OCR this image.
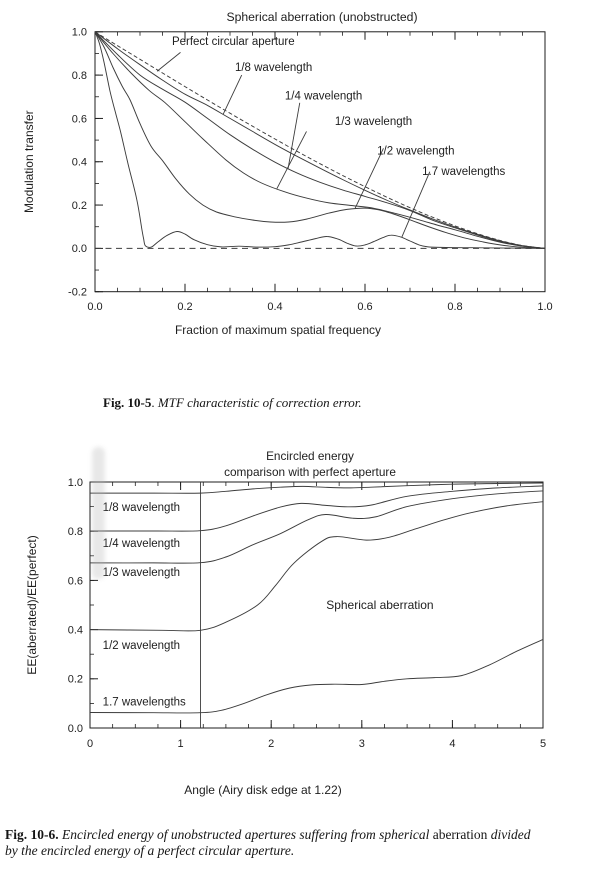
0.0	0.2	0.4	0.6	0.8	1.0
-0.2
0.0
0.2
0.4
0.6
0.8
1.0
Perfect circular aperture
1/8 wavelength
1/4 wavelength
1/3 wavelength
1/2 wavelength
1.7 wavelengths
Spherical aberration (unobstructed)
Fraction of maximum spatial frequency
Modulation transfer
Fig. 10-5. MTF characteristic of correction error.
0	1	2	3	4	5
0.0
0.2
0.4
0.6
0.8
1.0
1/8 wavelength
1/4 wavelength
1/3 wavelength
1/2 wavelength
1.7 wavelengths
Spherical aberration
Encircled energy
comparison with perfect aperture
Angle (Airy disk edge at 1.22)
EE(aberrated)/EE(perfect)
Fig. 10-6. Encircled energy of unobstructed apertures suffering from spherical aberration divided
by the encircled energy of a perfect circular aperture.
